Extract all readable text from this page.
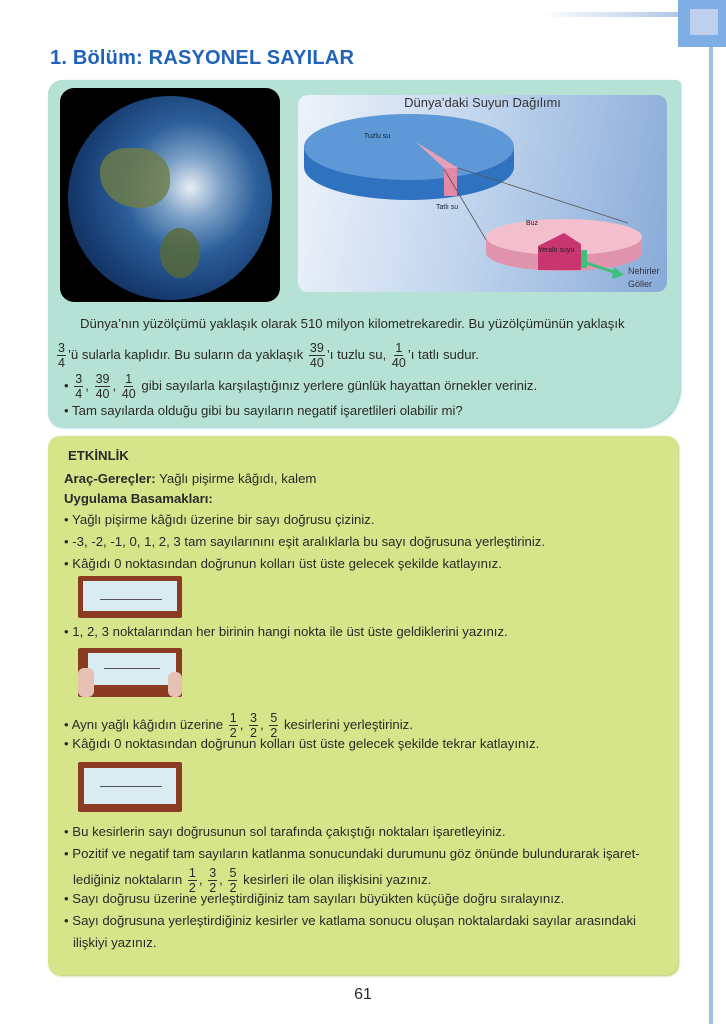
1. Bölüm: RASYONEL SAYILAR
Dünya’daki Suyun Dağılımı
Tuzlu su
Tatlı su
Buz
Yeraltı suyu
Nehirler
Göller
Dünya’nın yüzölçümü yaklaşık olarak 510 milyon kilometrekaredir. Bu yüzölçümünün yaklaşık
$\frac{3}{4}$ ’ü sularla kaplıdır. Bu suların da yaklaşık $\frac{39}{40}$ ’ı tuzlu su, $\frac{1}{40}$ ’ı tatlı sudur.
• $\frac{3}{4}$ , $\frac{39}{40}$ , $\frac{1}{40}$ gibi sayılarla karşılaştığınız yerlere günlük hayattan örnekler veriniz.
• Tam sayılarda olduğu gibi bu sayıların negatif işaretlileri olabilir mi?
ETKİNLİK
Araç-Gereçler: Yağlı pişirme kâğıdı, kalem
Uygulama Basamakları:
• Yağlı pişirme kâğıdı üzerine bir sayı doğrusu çiziniz.
• -3, -2, -1, 0, 1, 2, 3 tam sayılarınını eşit aralıklarla bu sayı doğrusuna yerleştiriniz.
• Kâğıdı 0 noktasından doğrunun kolları üst üste gelecek şekilde katlayınız.
• 1, 2, 3 noktalarından her birinin hangi nokta ile üst üste geldiklerini yazınız.
• Aynı yağlı kâğıdın üzerine $\frac{1}{2}$ , $\frac{3}{2}$ , $\frac{5}{2}$ kesirlerini yerleştiriniz.
• Kâğıdı 0 noktasından doğrunun kolları üst üste gelecek şekilde tekrar katlayınız.
• Bu kesirlerin sayı doğrusunun sol tarafında çakıştığı noktaları işaretleyiniz.
• Pozitif ve negatif tam sayıların katlanma sonucundaki durumunu göz önünde bulundurarak işaret-
lediğiniz noktaların $\frac{1}{2}$ , $\frac{3}{2}$ , $\frac{5}{2}$ kesirleri ile olan ilişkisini yazınız.
• Sayı doğrusu üzerine yerleştirdiğiniz tam sayıları büyükten küçüğe doğru sıralayınız.
• Sayı doğrusuna yerleştirdiğiniz kesirler ve katlama sonucu oluşan noktalardaki sayılar arasındaki
ilişkiyi yazınız.
61
